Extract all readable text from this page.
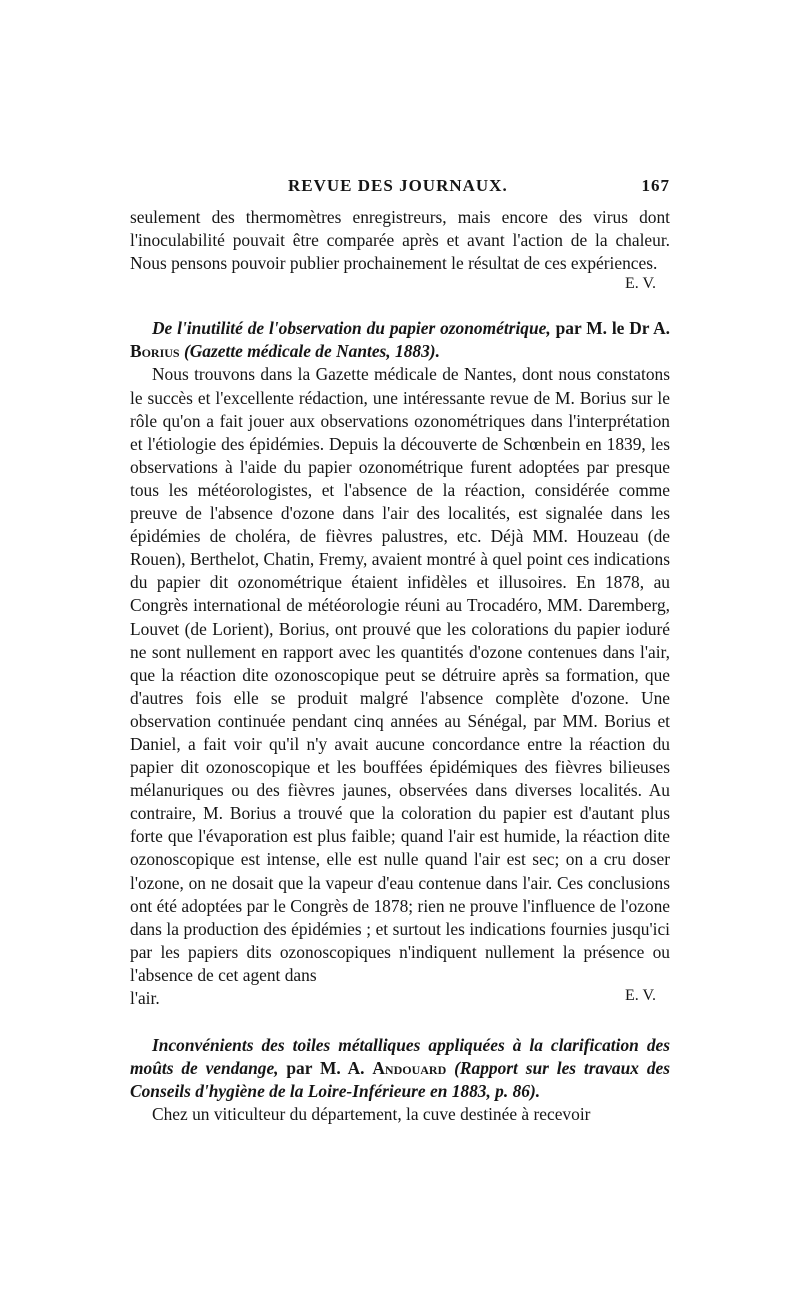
REVUE DES JOURNAUX.	167

seulement des thermomètres enregistreurs, mais encore des virus dont l'inoculabilité pouvait être comparée après et avant l'action de la chaleur. Nous pensons pouvoir publier prochainement le résultat de ces expériences.

E. V.
De l'inutilité de l'observation du papier ozonométrique, par M. le Dr A. Borius (Gazette médicale de Nantes, 1883).

Nous trouvons dans la Gazette médicale de Nantes, dont nous constatons le succès et l'excellente rédaction, une intéressante revue de M. Borius sur le rôle qu'on a fait jouer aux observations ozonométriques dans l'interprétation et l'étiologie des épidémies. Depuis la découverte de Schœnbein en 1839, les observations à l'aide du papier ozonométrique furent adoptées par presque tous les météorologistes, et l'absence de la réaction, considérée comme preuve de l'absence d'ozone dans l'air des localités, est signalée dans les épidémies de choléra, de fièvres palustres, etc. Déjà MM. Houzeau (de Rouen), Berthelot, Chatin, Fremy, avaient montré à quel point ces indications du papier dit ozonométrique étaient infidèles et illusoires. En 1878, au Congrès international de météorologie réuni au Trocadéro, MM. Daremberg, Louvet (de Lorient), Borius, ont prouvé que les colorations du papier ioduré ne sont nullement en rapport avec les quantités d'ozone contenues dans l'air, que la réaction dite ozonoscopique peut se détruire après sa formation, que d'autres fois elle se produit malgré l'absence complète d'ozone. Une observation continuée pendant cinq années au Sénégal, par MM. Borius et Daniel, a fait voir qu'il n'y avait aucune concordance entre la réaction du papier dit ozonoscopique et les bouffées épidémiques des fièvres bilieuses mélanuriques ou des fièvres jaunes, observées dans diverses localités. Au contraire, M. Borius a trouvé que la coloration du papier est d'autant plus forte que l'évaporation est plus faible; quand l'air est humide, la réaction dite ozonoscopique est intense, elle est nulle quand l'air est sec; on a cru doser l'ozone, on ne dosait que la vapeur d'eau contenue dans l'air. Ces conclusions ont été adoptées par le Congrès de 1878; rien ne prouve l'influence de l'ozone dans la production des épidémies ; et surtout les indications fournies jusqu'ici par les papiers dits ozonoscopiques n'indiquent nullement la présence ou l'absence de cet agent dans

l'air.	E. V.
Inconvénients des toiles métalliques appliquées à la clarification des moûts de vendange, par M. A. Andouard (Rapport sur les travaux des Conseils d'hygiène de la Loire-Inférieure en 1883, p. 86).

Chez un viticulteur du département, la cuve destinée à recevoir
